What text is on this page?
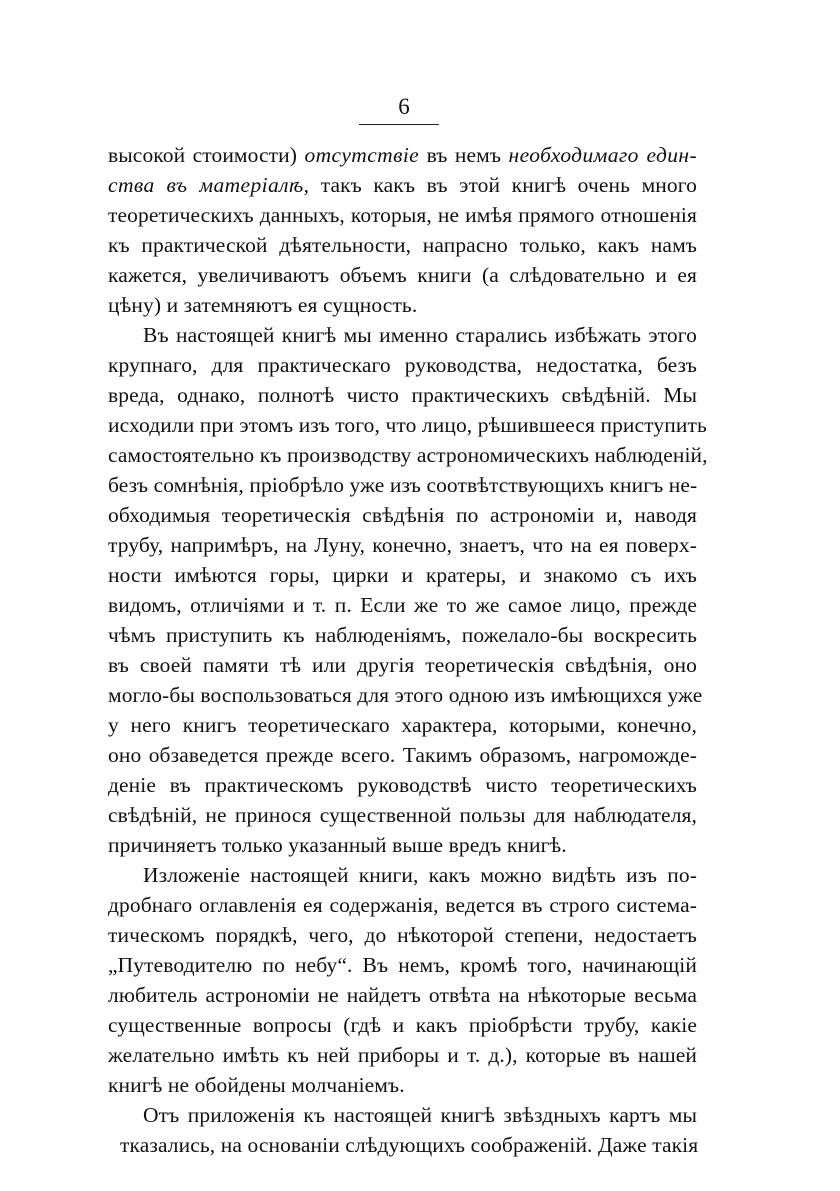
6
высокой стоимости) отсутствіе въ немъ необходимаго един-
ства въ матеріалѣ, такъ какъ въ этой книгѣ очень много
теоретическихъ данныхъ, которыя, не имѣя прямого отношенія
къ практической дѣятельности, напрасно только, какъ намъ
кажется, увеличиваютъ объемъ книги (а слѣдовательно и ея
цѣну) и затемняютъ ея сущность.
Въ настоящей книгѣ мы именно старались избѣжать этого
крупнаго, для практическаго руководства, недостатка, безъ
вреда, однако, полнотѣ чисто практическихъ свѣдѣній. Мы
исходили при этомъ изъ того, что лицо, рѣшившееся приступить
самостоятельно къ производству астрономическихъ наблюденій,
безъ сомнѣнія, пріобрѣло уже изъ соотвѣтствующихъ книгъ не-
обходимыя теоретическія свѣдѣнія по астрономіи и, наводя
трубу, напримѣръ, на Луну, конечно, знаетъ, что на ея поверх-
ности имѣются горы, цирки и кратеры, и знакомо съ ихъ
видомъ, отличіями и т. п. Если же то же самое лицо, прежде
чѣмъ приступить къ наблюденіямъ, пожелало-бы воскресить
въ своей памяти тѣ или другія теоретическія свѣдѣнія, оно
могло-бы воспользоваться для этого одною изъ имѣющихся уже
у него книгъ теоретическаго характера, которыми, конечно,
оно обзаведется прежде всего. Такимъ образомъ, нагроможде-
деніе въ практическомъ руководствѣ чисто теоретическихъ
свѣдѣній, не принося существенной пользы для наблюдателя,
причиняетъ только указанный выше вредъ книгѣ.
Изложеніе настоящей книги, какъ можно видѣть изъ по-
дробнаго оглавленія ея содержанія, ведется въ строго система-
тическомъ порядкѣ, чего, до нѣкоторой степени, недостаетъ
„Путеводителю по небу“. Въ немъ, кромѣ того, начинающій
любитель астрономіи не найдетъ отвѣта на нѣкоторые весьма
существенные вопросы (гдѣ и какъ пріобрѣсти трубу, какіе
желательно имѣть къ ней приборы и т. д.), которые въ нашей
книгѣ не обойдены молчаніемъ.
Отъ приложенія къ настоящей книгѣ звѣздныхъ картъ мы
тказались, на основаніи слѣдующихъ соображеній. Даже такія
